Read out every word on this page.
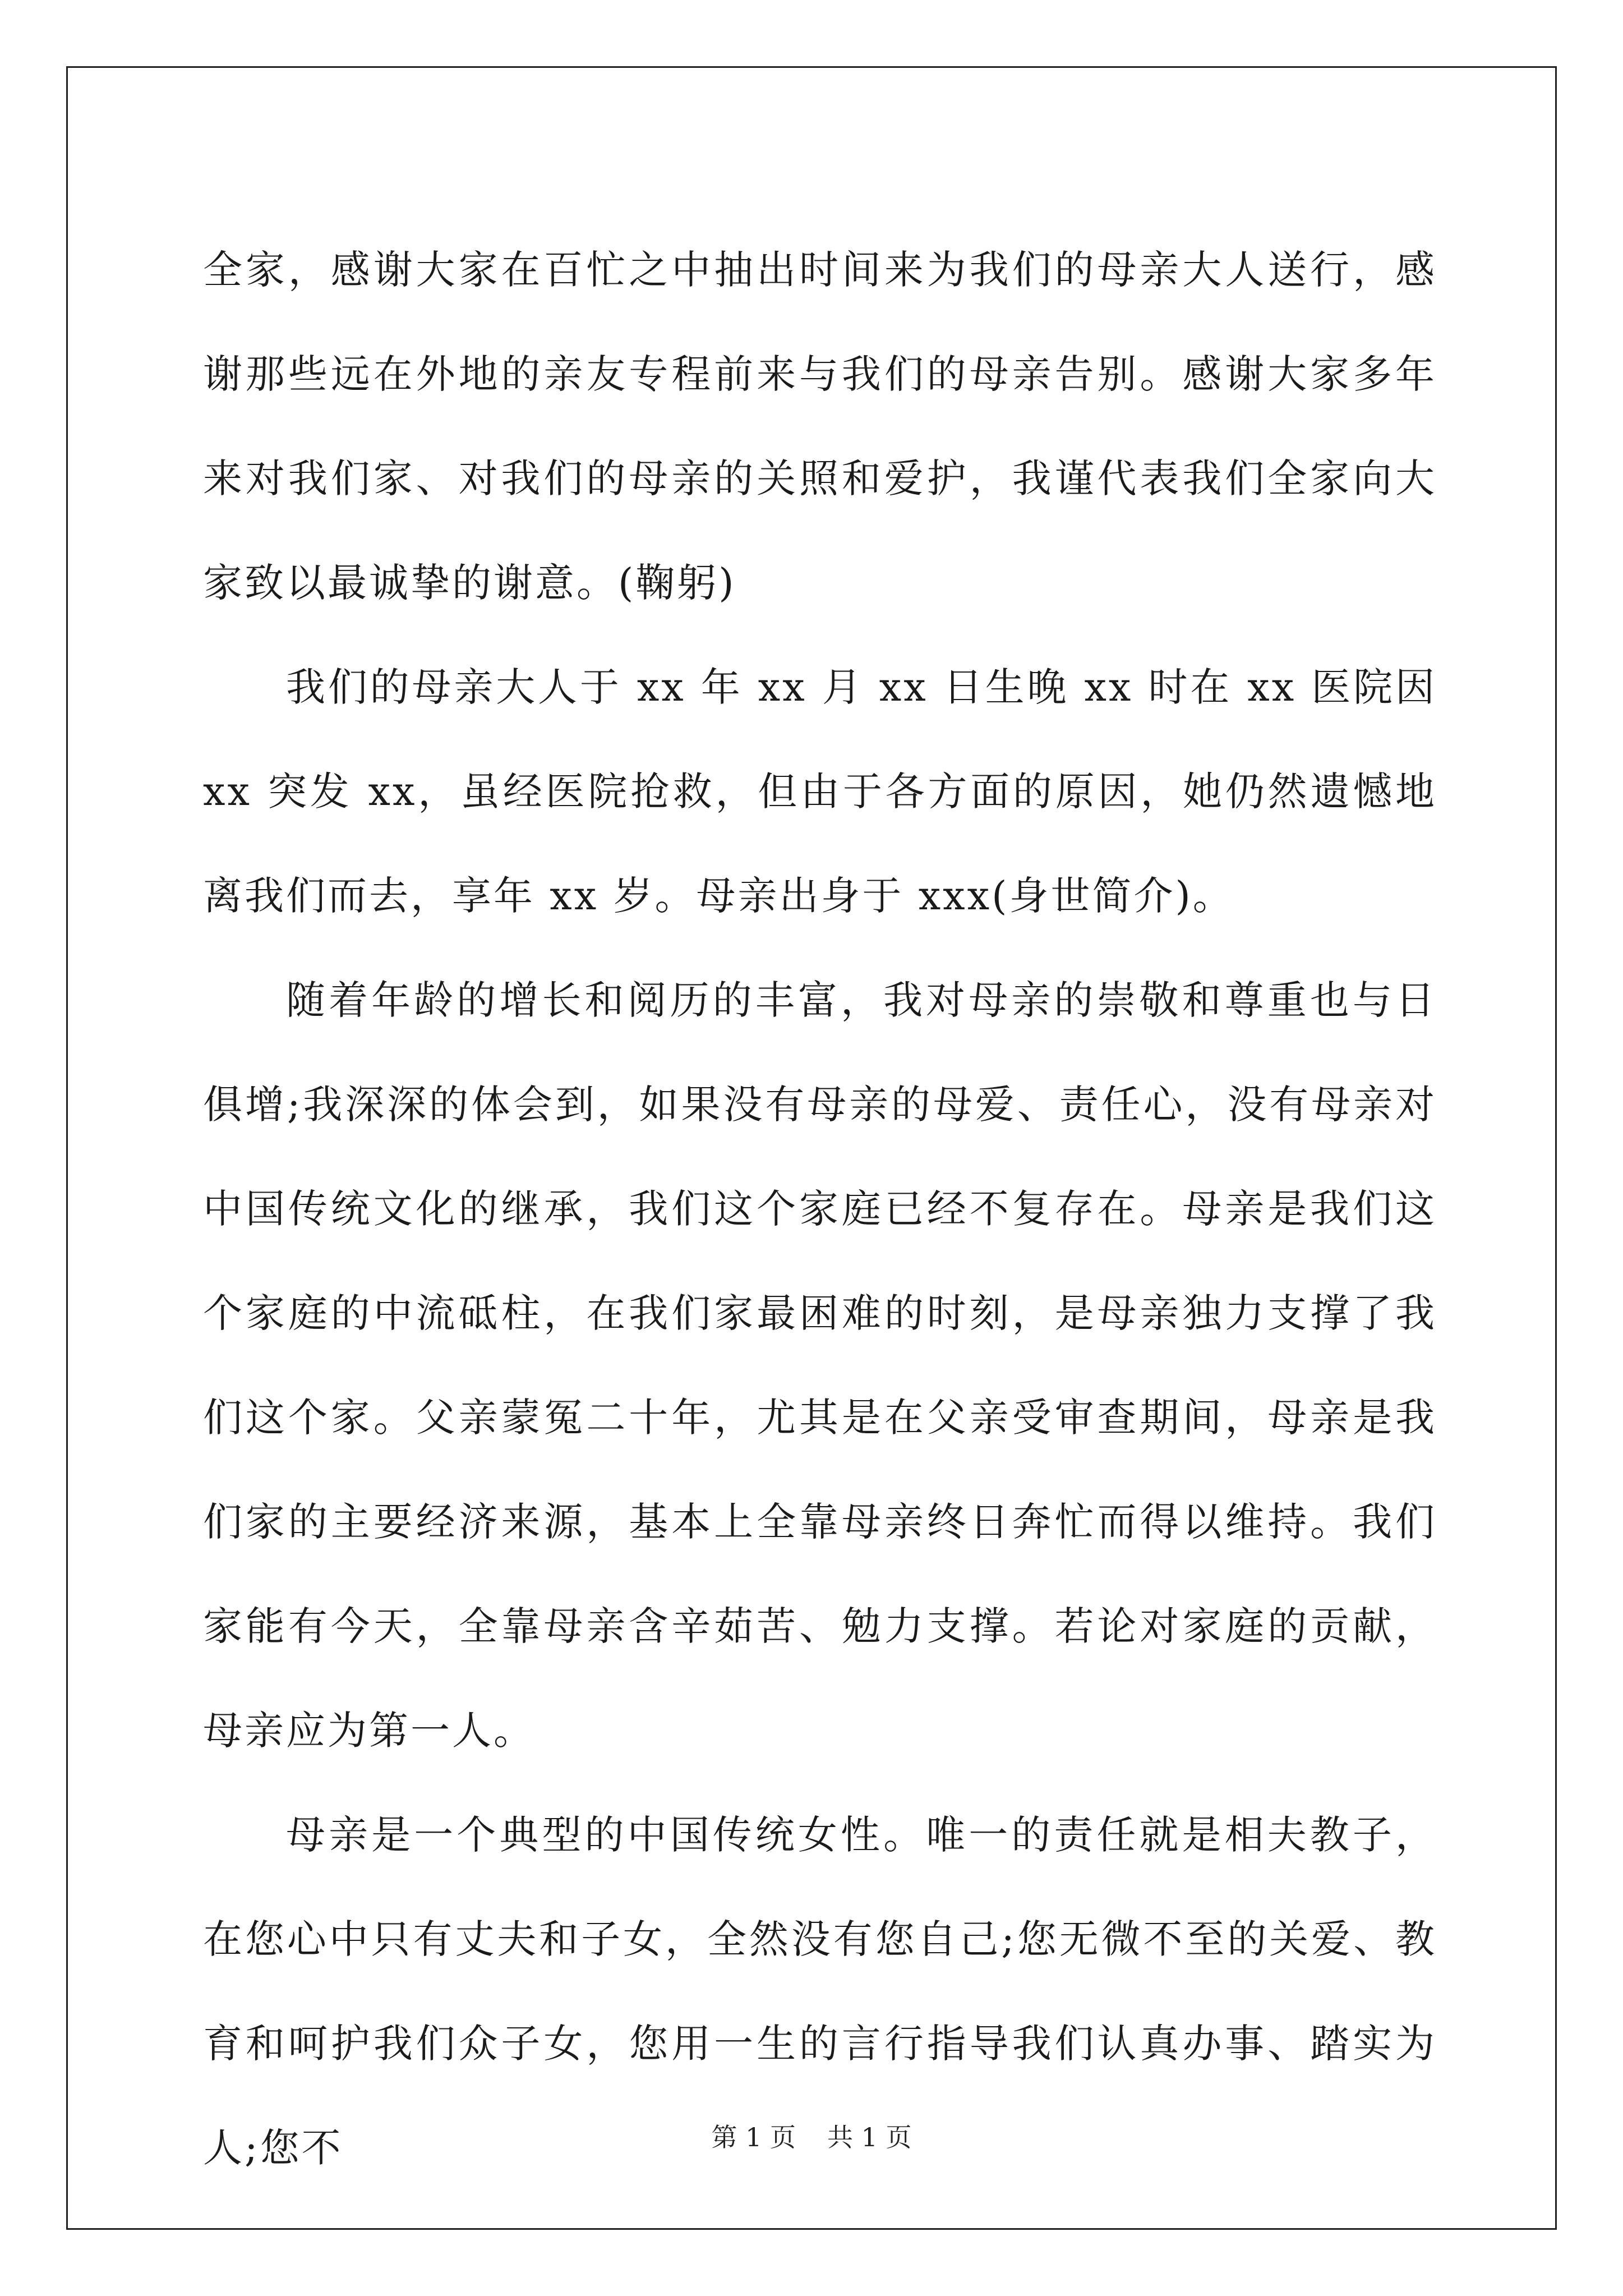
全家，感谢大家在百忙之中抽出时间来为我们的母亲大人送行，感谢那些远在外地的亲友专程前来与我们的母亲告别。感谢大家多年来对我们家、对我们的母亲的关照和爱护，我谨代表我们全家向大家致以最诚挚的谢意。(鞠躬)

我们的母亲大人于 xx 年 xx 月 xx 日生晚 xx 时在 xx 医院因 xx 突发 xx，虽经医院抢救，但由于各方面的原因，她仍然遗憾地离我们而去，享年 xx 岁。母亲出身于 xxx(身世简介)。

随着年龄的增长和阅历的丰富，我对母亲的崇敬和尊重也与日俱增;我深深的体会到，如果没有母亲的母爱、责任心，没有母亲对中国传统文化的继承，我们这个家庭已经不复存在。母亲是我们这个家庭的中流砥柱，在我们家最困难的时刻，是母亲独力支撑了我们这个家。父亲蒙冤二十年，尤其是在父亲受审查期间，母亲是我们家的主要经济来源，基本上全靠母亲终日奔忙而得以维持。我们家能有今天，全靠母亲含辛茹苦、勉力支撑。若论对家庭的贡献，母亲应为第一人。

母亲是一个典型的中国传统女性。唯一的责任就是相夫教子，在您心中只有丈夫和子女，全然没有您自己;您无微不至的关爱、教育和呵护我们众子女，您用一生的言行指导我们认真办事、踏实为人;您不	第 1 页 共 1 页
